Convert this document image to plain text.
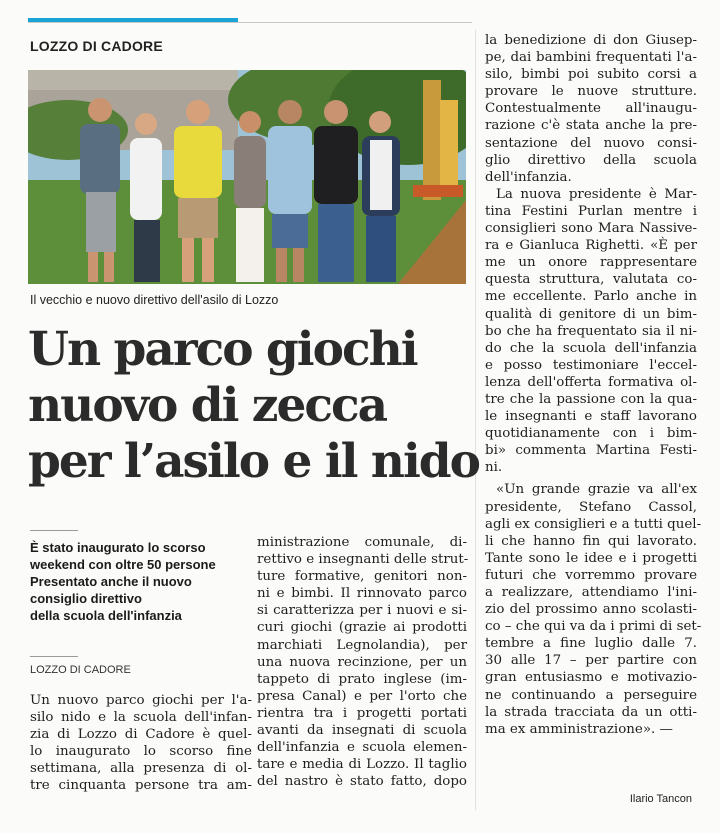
LOZZO DI CADORE
Il vecchio e nuovo direttivo dell'asilo di Lozzo
Un parco giochi
nuovo di zecca
per l’asilo e il nido
È stato inaugurato lo scorso
weekend con oltre 50 persone
Presentato anche il nuovo
consiglio direttivo
della scuola dell'infanzia
LOZZO DI CADORE
Un nuovo parco giochi per l'a-
silo nido e la scuola dell'infan-
zia di Lozzo di Cadore è quel-
lo inaugurato lo scorso fine
settimana, alla presenza di ol-
tre cinquanta persone tra am-
ministrazione comunale, di-
rettivo e insegnanti delle strut-
ture formative, genitori non-
ni e bimbi. Il rinnovato parco
si caratterizza per i nuovi e si-
curi giochi (grazie ai prodotti
marchiati Legnolandia), per
una nuova recinzione, per un
tappeto di prato inglese (im-
presa Canal) e per l'orto che
rientra tra i progetti portati
avanti da insegnati di scuola
dell'infanzia e scuola elemen-
tare e media di Lozzo. Il taglio
del nastro è stato fatto, dopo
la benedizione di don Giusep-
pe, dai bambini frequentati l'a-
silo, bimbi poi subito corsi a
provare le nuove strutture.
Contestualmente all'inaugu-
razione c'è stata anche la pre-
sentazione del nuovo consi-
glio direttivo della scuola
dell'infanzia.
La nuova presidente è Mar-
tina Festini Purlan mentre i
consiglieri sono Mara Nassive-
ra e Gianluca Righetti. «È per
me un onore rappresentare
questa struttura, valutata co-
me eccellente. Parlo anche in
qualità di genitore di un bim-
bo che ha frequentato sia il ni-
do che la scuola dell'infanzia
e posso testimoniare l'eccel-
lenza dell'offerta formativa ol-
tre che la passione con la qua-
le insegnanti e staff lavorano
quotidianamente con i bim-
bi» commenta Martina Festi-
ni.
«Un grande grazie va all'ex
presidente, Stefano Cassol,
agli ex consiglieri e a tutti quel-
li che hanno fin qui lavorato.
Tante sono le idee e i progetti
futuri che vorremmo provare
a realizzare, attendiamo l'ini-
zio del prossimo anno scolasti-
co – che qui va da i primi di set-
tembre a fine luglio dalle 7.
30 alle 17 – per partire con
gran entusiasmo e motivazio-
ne continuando a perseguire
la strada tracciata da un otti-
ma ex amministrazione». —
Ilario Tancon
